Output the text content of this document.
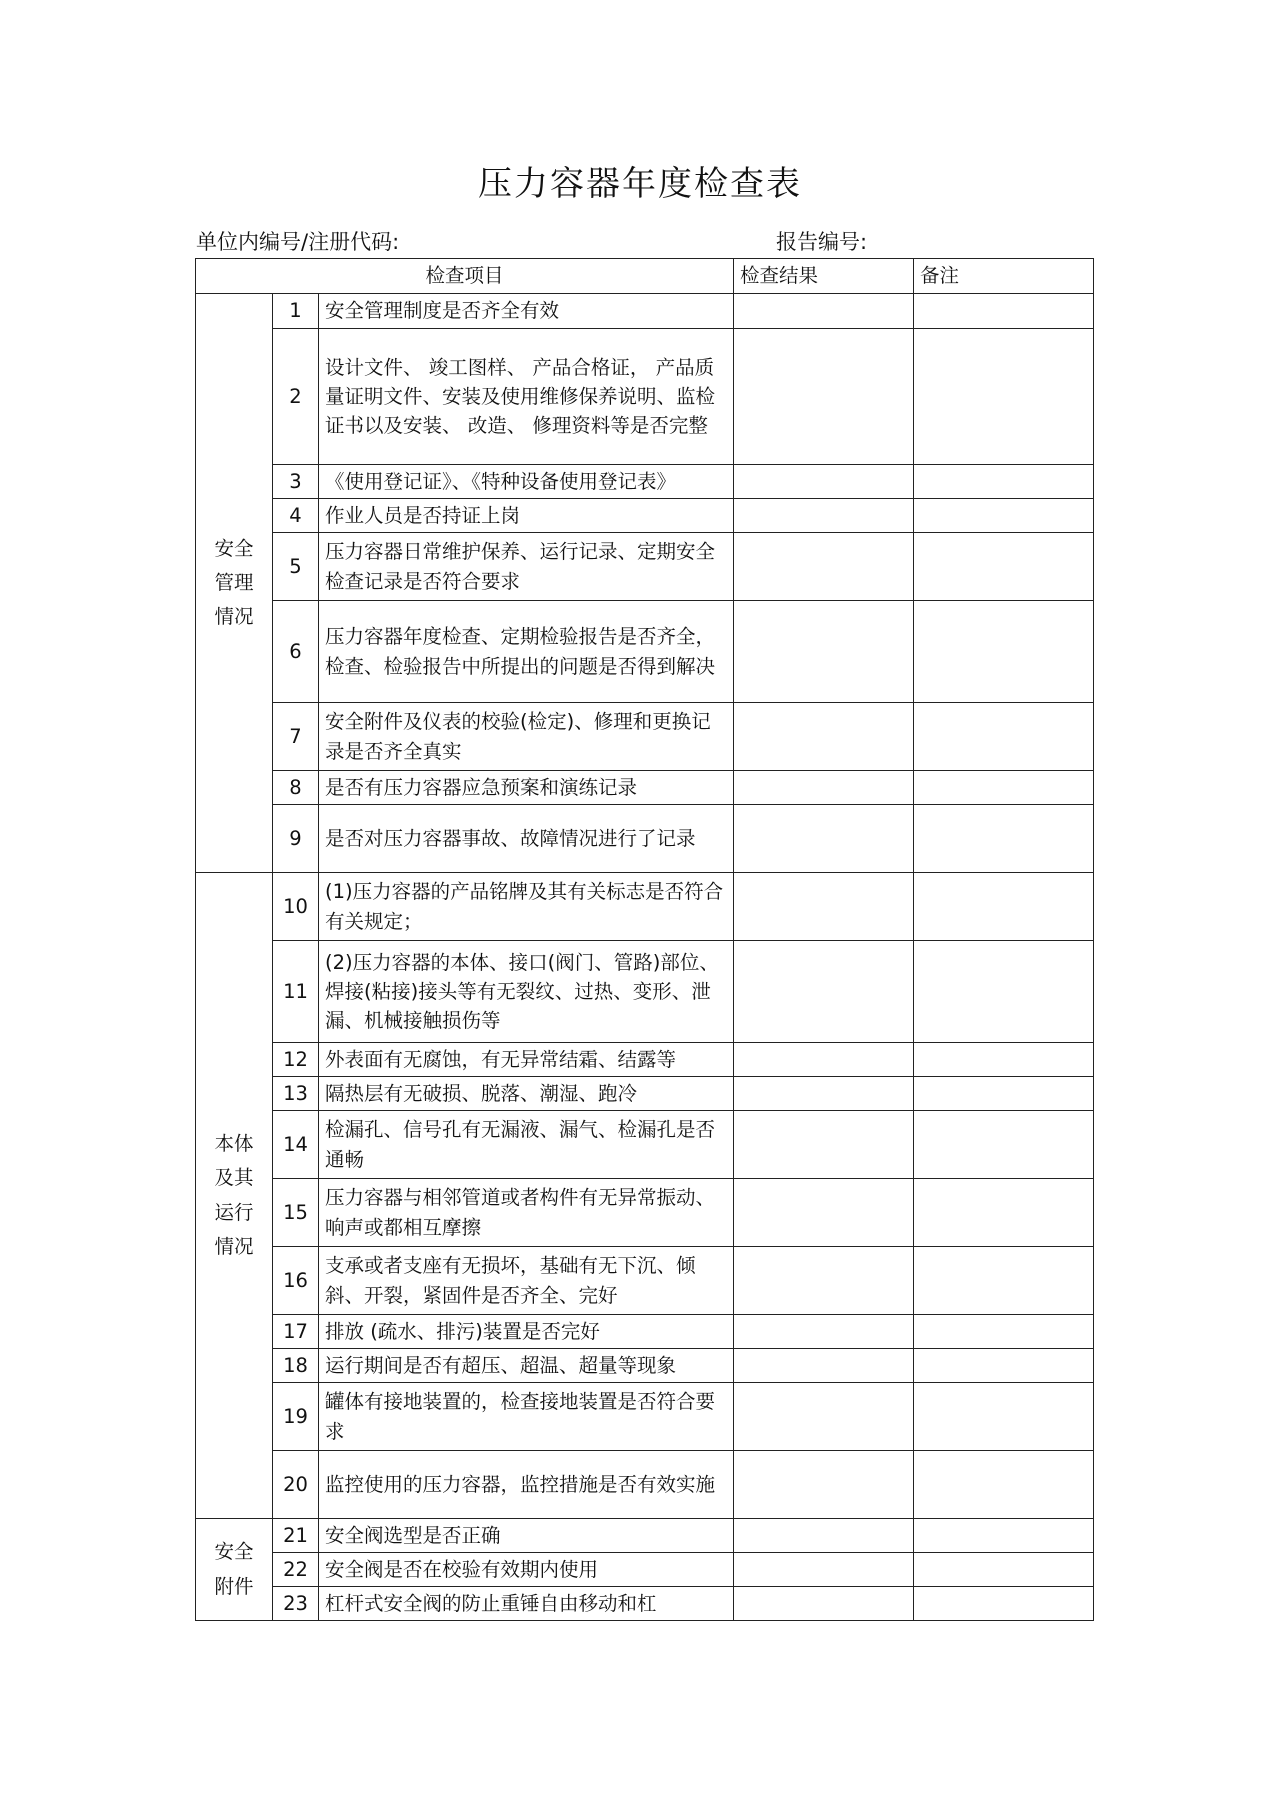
压力容器年度检查表
单位内编号/注册代码:	报告编号:
检查项目			检查结果	备注
安全
管理
情况	1	安全管理制度是否齐全有效		
	2	设计文件、 竣工图样、 产品合格证， 产品质量证明文件、安装及使用维修保养说明、监检证书以及安装、 改造、 修理资料等是否完整		
	3	《使用登记证》、《特种设备使用登记表》		
	4	作业人员是否持证上岗		
	5	压力容器日常维护保养、运行记录、定期安全检查记录是否符合要求		
	6	压力容器年度检查、定期检验报告是否齐全，检查、检验报告中所提出的问题是否得到解决		
	7	安全附件及仪表的校验(检定)、修理和更换记录是否齐全真实		
	8	是否有压力容器应急预案和演练记录		
	9	是否对压力容器事故、故障情况进行了记录		
本体
及其
运行
情况	10	(1)压力容器的产品铭牌及其有关标志是否符合有关规定；		
	11	(2)压力容器的本体、接口(阀门、管路)部位、 焊接(粘接)接头等有无裂纹、过热、变形、泄漏、机械接触损伤等		
	12	外表面有无腐蚀，有无异常结霜、结露等		
	13	隔热层有无破损、脱落、潮湿、跑冷		
	14	检漏孔、信号孔有无漏液、漏气、检漏孔是否通畅		
	15	压力容器与相邻管道或者构件有无异常振动、响声或都相互摩擦		
	16	支承或者支座有无损坏，基础有无下沉、倾斜、开裂，紧固件是否齐全、完好		
	17	排放 (疏水、排污)装置是否完好		
	18	运行期间是否有超压、超温、超量等现象		
	19	罐体有接地装置的，检查接地装置是否符合要求		
	20	监控使用的压力容器，监控措施是否有效实施		
安全
附件	21	安全阀选型是否正确		
	22	安全阀是否在校验有效期内使用		
	23	杠杆式安全阀的防止重锤自由移动和杠		
